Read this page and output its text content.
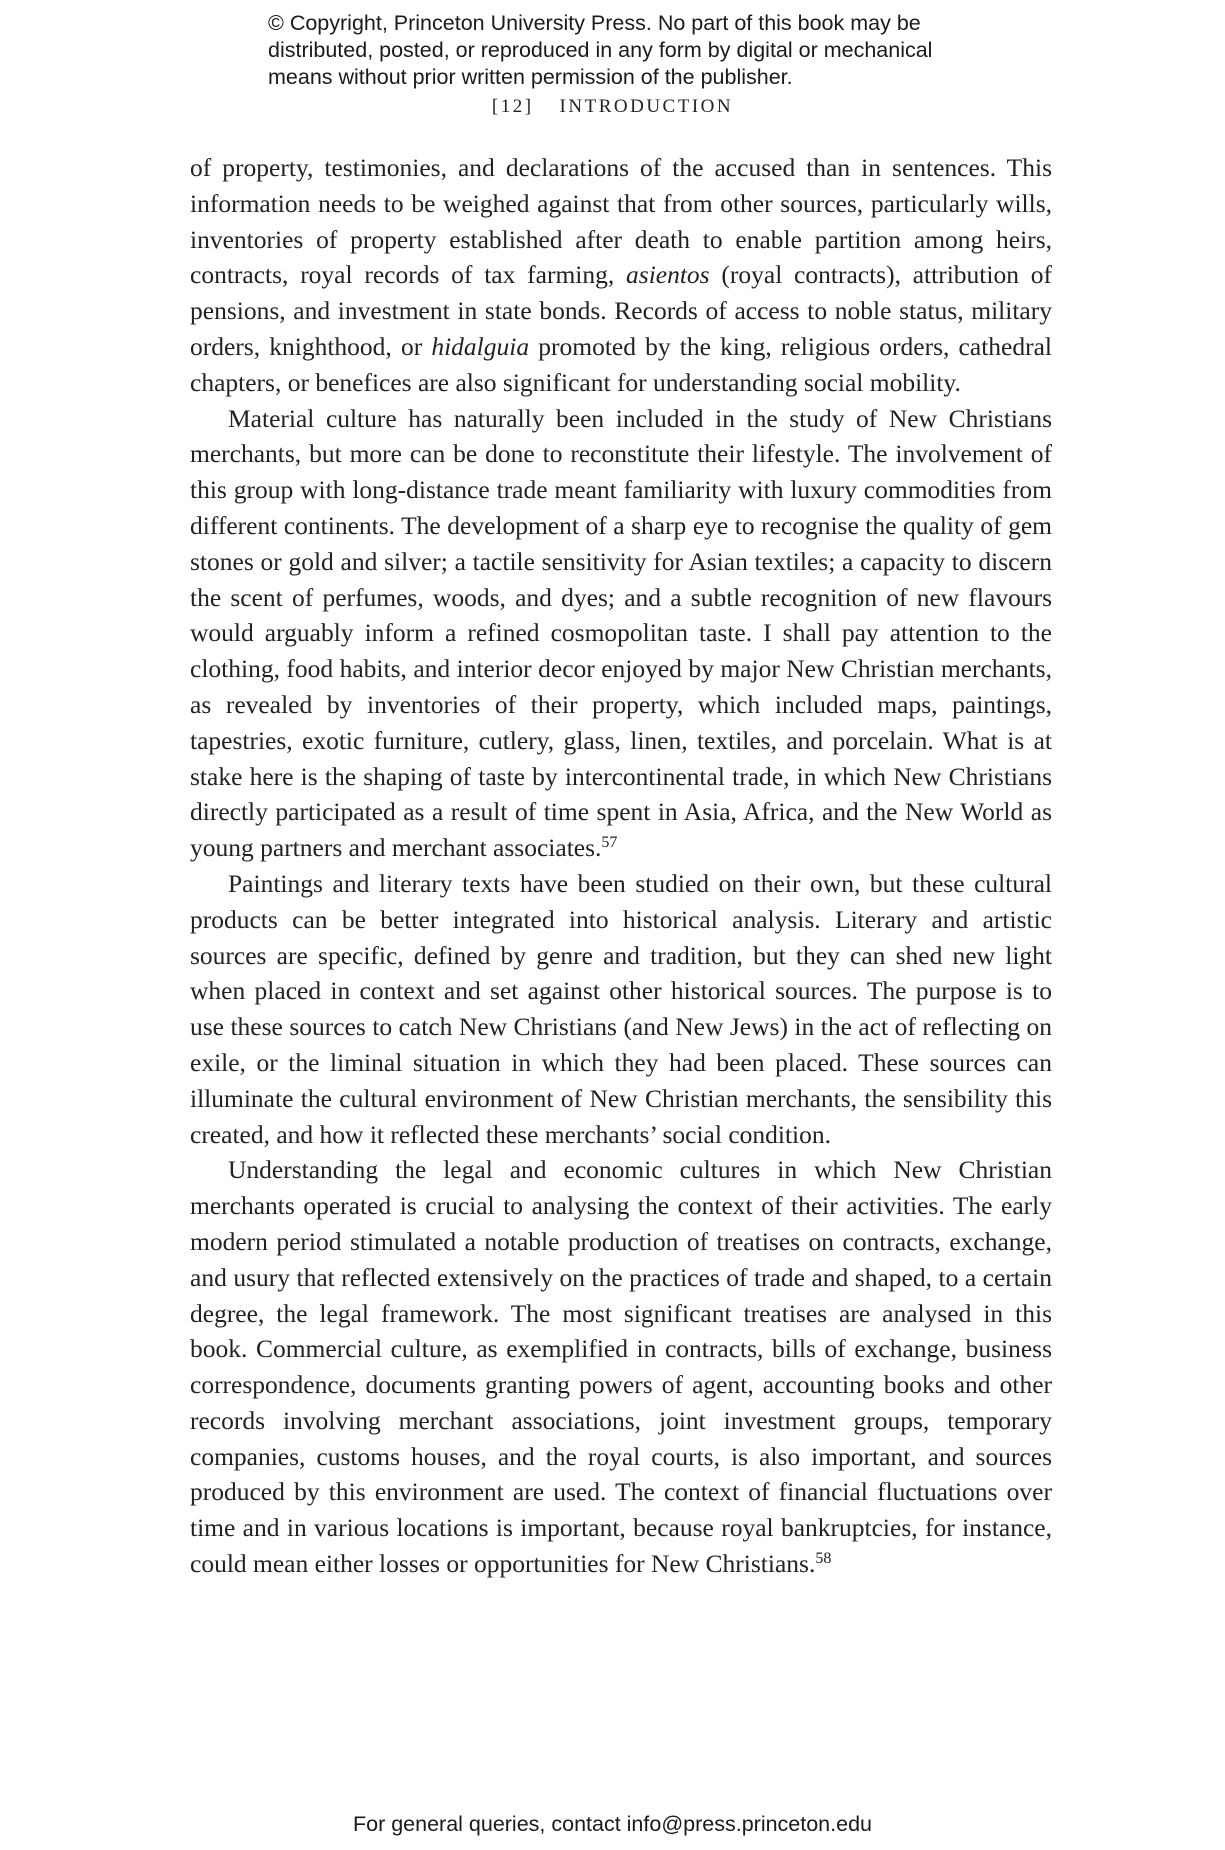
© Copyright, Princeton University Press. No part of this book may be
distributed, posted, or reproduced in any form by digital or mechanical
means without prior written permission of the publisher.
[12] INTRODUCTION

of property, testimonies, and declarations of the accused than in sentences. This information needs to be weighed against that from other sources, particularly wills, inventories of property established after death to enable partition among heirs, contracts, royal records of tax farming, asientos (royal contracts), attribution of pensions, and investment in state bonds. Records of access to noble status, military orders, knighthood, or hidalguia promoted by the king, religious orders, cathedral chapters, or benefices are also significant for understanding social mobility.

Material culture has naturally been included in the study of New Christians merchants, but more can be done to reconstitute their lifestyle. The involvement of this group with long-distance trade meant familiarity with luxury commodities from different continents. The development of a sharp eye to recognise the quality of gem stones or gold and silver; a tactile sensitivity for Asian textiles; a capacity to discern the scent of perfumes, woods, and dyes; and a subtle recognition of new flavours would arguably inform a refined cosmopolitan taste. I shall pay attention to the clothing, food habits, and interior decor enjoyed by major New Christian merchants, as revealed by inventories of their property, which included maps, paintings, tapestries, exotic furniture, cutlery, glass, linen, textiles, and porcelain. What is at stake here is the shaping of taste by intercontinental trade, in which New Christians directly participated as a result of time spent in Asia, Africa, and the New World as young partners and merchant associates.$^{57}$

Paintings and literary texts have been studied on their own, but these cultural products can be better integrated into historical analysis. Literary and artistic sources are specific, defined by genre and tradition, but they can shed new light when placed in context and set against other historical sources. The purpose is to use these sources to catch New Christians (and New Jews) in the act of reflecting on exile, or the liminal situation in which they had been placed. These sources can illuminate the cultural environment of New Christian merchants, the sensibility this created, and how it reflected these merchants’ social condition.

Understanding the legal and economic cultures in which New Christian merchants operated is crucial to analysing the context of their activities. The early modern period stimulated a notable production of treatises on contracts, exchange, and usury that reflected extensively on the practices of trade and shaped, to a certain degree, the legal framework. The most significant treatises are analysed in this book. Commercial culture, as exemplified in contracts, bills of exchange, business correspondence, documents granting powers of agent, accounting books and other records involving merchant associations, joint investment groups, temporary companies, customs houses, and the royal courts, is also important, and sources produced by this environment are used. The context of financial fluctuations over time and in various locations is important, because royal bankruptcies, for instance, could mean either losses or opportunities for New Christians.$^{58}$

For general queries, contact info@press.princeton.edu
